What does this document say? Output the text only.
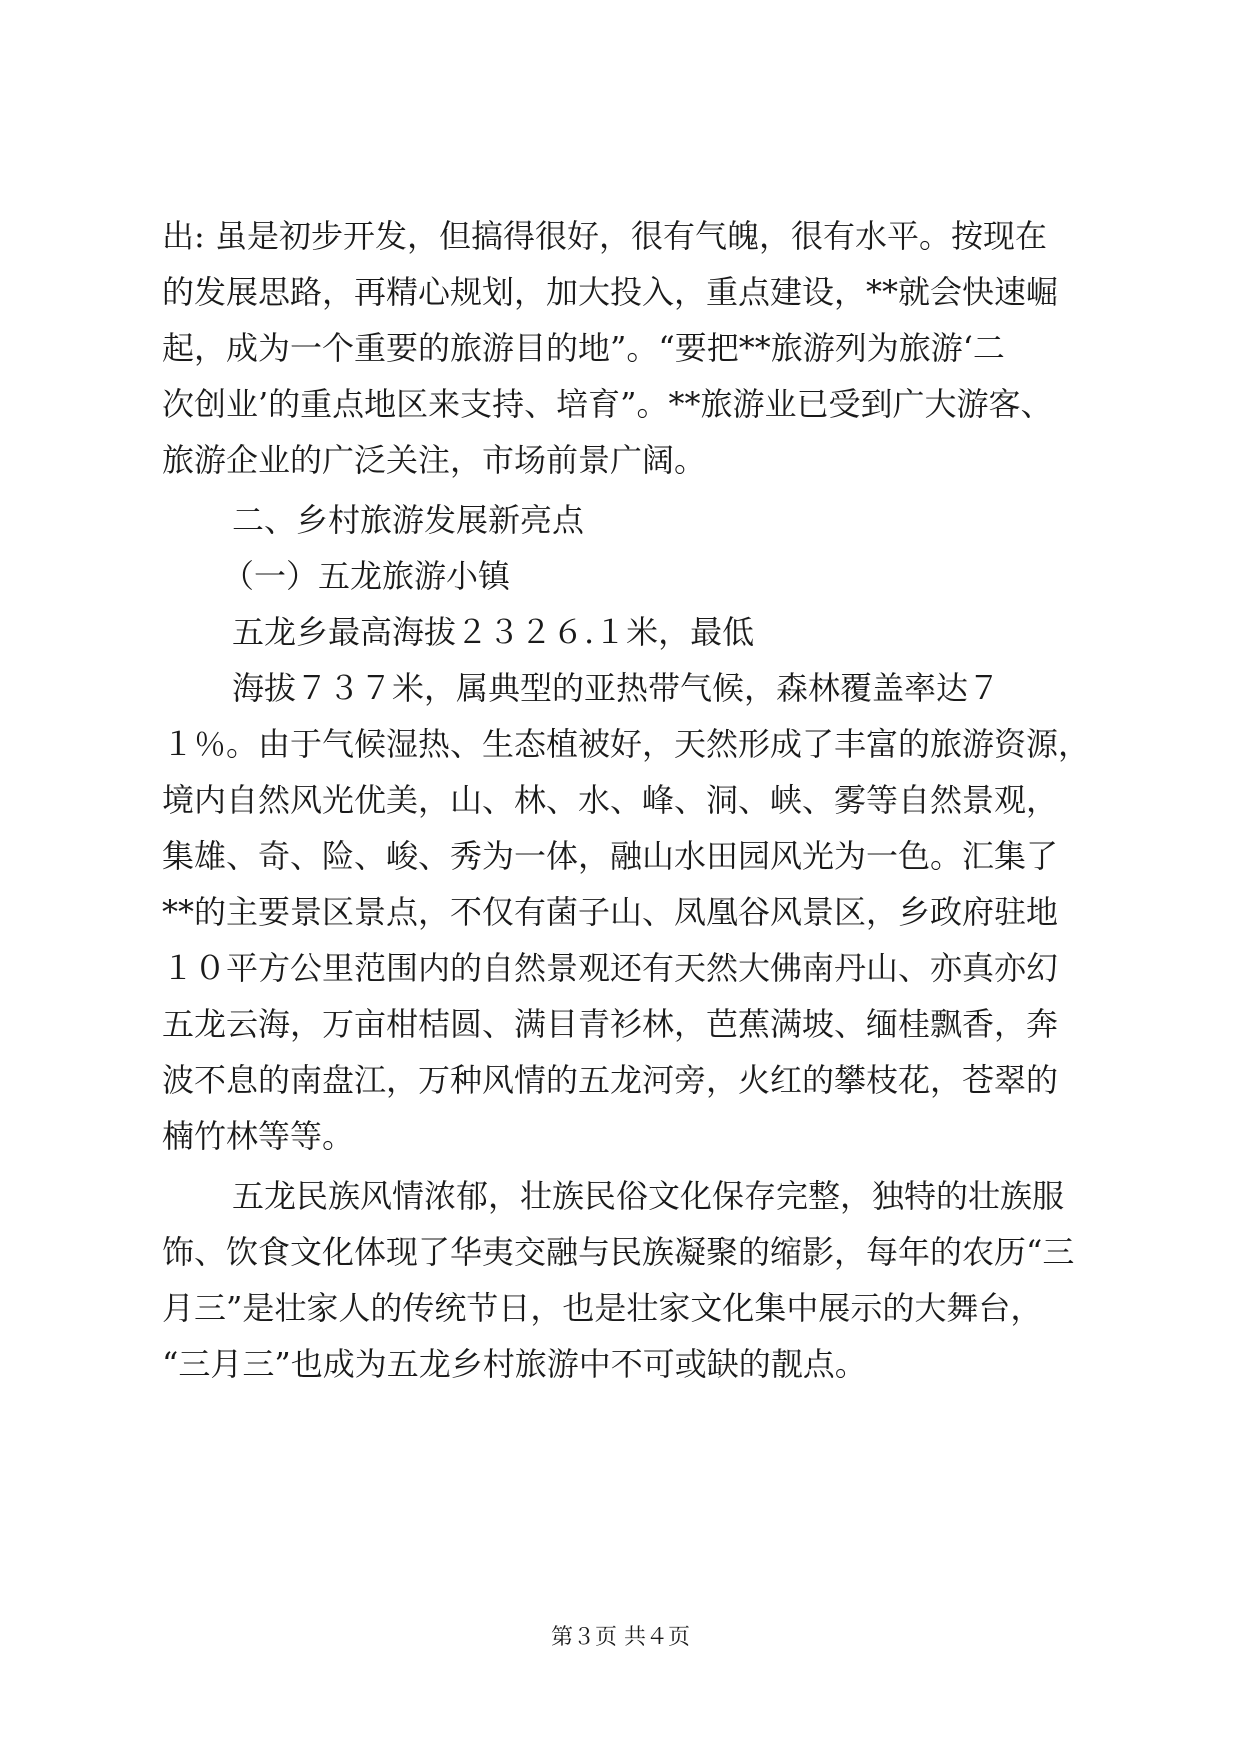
出: 虽是初步开发，但搞得很好，很有气魄，很有水平。按现在

的发展思路，再精心规划，加大投入，重点建设，**就会快速崛

起，成为一个重要的旅游目的地”。“要把**旅游列为旅游‘二

次创业’的重点地区来支持、培育”。**旅游业已受到广大游客、

旅游企业的广泛关注，市场前景广阔。

二、乡村旅游发展新亮点

（一）五龙旅游小镇

五龙乡最高海拔２３２６.１米，最低

海拔７３７米，属典型的亚热带气候，森林覆盖率达７

１％。由于气候湿热、生态植被好，天然形成了丰富的旅游资源，

境内自然风光优美，山、林、水、峰、洞、峡、雾等自然景观，

集雄、奇、险、峻、秀为一体，融山水田园风光为一色。汇集了

**的主要景区景点，不仅有菌子山、凤凰谷风景区，乡政府驻地

１０平方公里范围内的自然景观还有天然大佛南丹山、亦真亦幻

五龙云海，万亩柑桔圆、满目青衫林，芭蕉满坡、缅桂飘香，奔

波不息的南盘江，万种风情的五龙河旁，火红的攀枝花，苍翠的

楠竹林等等。

五龙民族风情浓郁，壮族民俗文化保存完整，独特的壮族服

饰、饮食文化体现了华夷交融与民族凝聚的缩影，每年的农历“三

月三”是壮家人的传统节日，也是壮家文化集中展示的大舞台，

“三月三”也成为五龙乡村旅游中不可或缺的靓点。

第３页 共４页
